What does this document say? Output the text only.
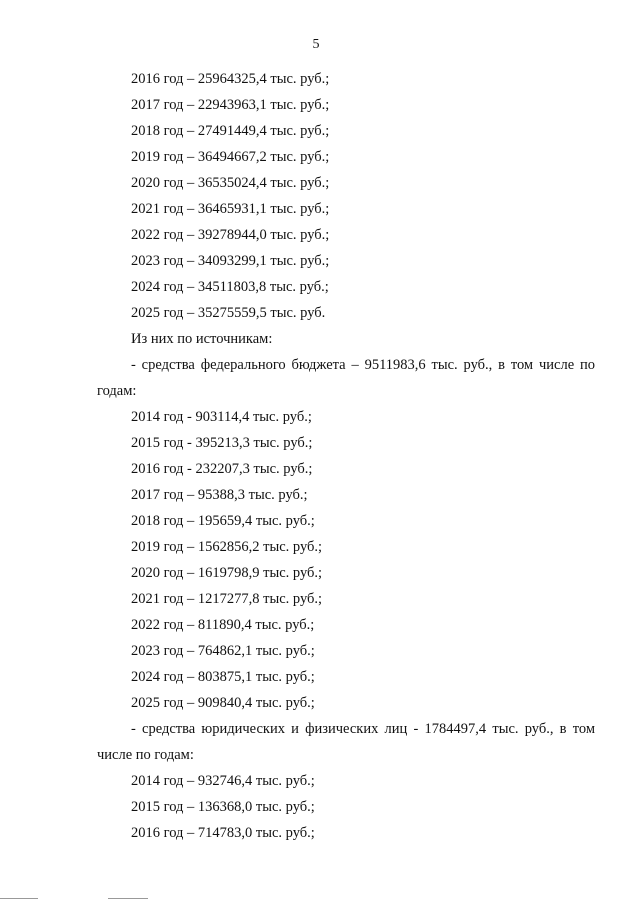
5
2016 год – 25964325,4 тыс. руб.;
2017 год – 22943963,1 тыс. руб.;
2018 год – 27491449,4 тыс. руб.;
2019 год – 36494667,2 тыс. руб.;
2020 год – 36535024,4 тыс. руб.;
2021 год – 36465931,1 тыс. руб.;
2022 год – 39278944,0 тыс. руб.;
2023 год – 34093299,1 тыс. руб.;
2024 год – 34511803,8 тыс. руб.;
2025 год – 35275559,5 тыс. руб.
Из них по источникам:
- средства федерального бюджета – 9511983,6 тыс. руб., в том числе по
годам:
2014 год - 903114,4 тыс. руб.;
2015 год - 395213,3 тыс. руб.;
2016 год - 232207,3 тыс. руб.;
2017 год – 95388,3 тыс. руб.;
2018 год – 195659,4 тыс. руб.;
2019 год – 1562856,2 тыс. руб.;
2020 год – 1619798,9 тыс. руб.;
2021 год – 1217277,8 тыс. руб.;
2022 год – 811890,4 тыс. руб.;
2023 год – 764862,1 тыс. руб.;
2024 год – 803875,1 тыс. руб.;
2025 год – 909840,4 тыс. руб.;
- средства юридических и физических лиц - 1784497,4 тыс. руб., в том
числе по годам:
2014 год – 932746,4 тыс. руб.;
2015 год – 136368,0 тыс. руб.;
2016 год – 714783,0 тыс. руб.;
